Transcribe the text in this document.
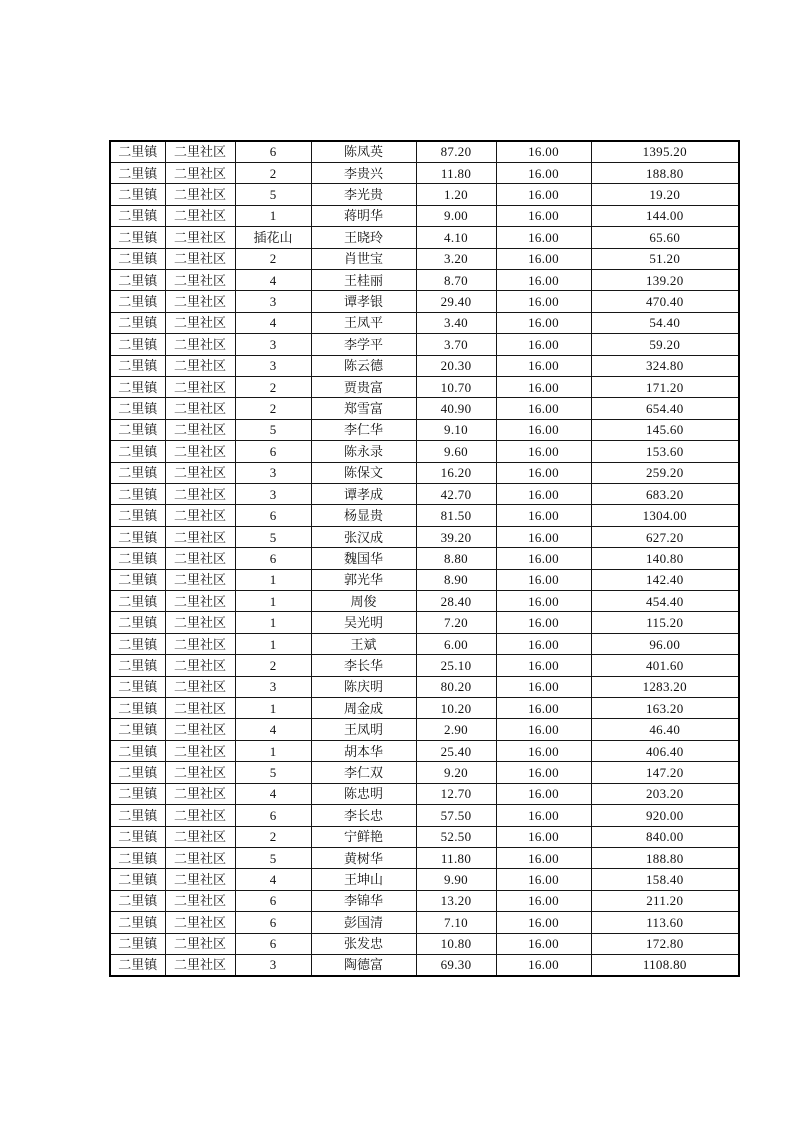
二里镇	二里社区	6	陈凤英	87.20	16.00	1395.20
二里镇	二里社区	2	李贵兴	11.80	16.00	188.80
二里镇	二里社区	5	李光贵	1.20	16.00	19.20
二里镇	二里社区	1	蒋明华	9.00	16.00	144.00
二里镇	二里社区	插花山	王晓玲	4.10	16.00	65.60
二里镇	二里社区	2	肖世宝	3.20	16.00	51.20
二里镇	二里社区	4	王桂丽	8.70	16.00	139.20
二里镇	二里社区	3	谭孝银	29.40	16.00	470.40
二里镇	二里社区	4	王凤平	3.40	16.00	54.40
二里镇	二里社区	3	李学平	3.70	16.00	59.20
二里镇	二里社区	3	陈云德	20.30	16.00	324.80
二里镇	二里社区	2	贾贵富	10.70	16.00	171.20
二里镇	二里社区	2	郑雪富	40.90	16.00	654.40
二里镇	二里社区	5	李仁华	9.10	16.00	145.60
二里镇	二里社区	6	陈永录	9.60	16.00	153.60
二里镇	二里社区	3	陈保文	16.20	16.00	259.20
二里镇	二里社区	3	谭孝成	42.70	16.00	683.20
二里镇	二里社区	6	杨显贵	81.50	16.00	1304.00
二里镇	二里社区	5	张汉成	39.20	16.00	627.20
二里镇	二里社区	6	魏国华	8.80	16.00	140.80
二里镇	二里社区	1	郭光华	8.90	16.00	142.40
二里镇	二里社区	1	周俊	28.40	16.00	454.40
二里镇	二里社区	1	吴光明	7.20	16.00	115.20
二里镇	二里社区	1	王斌	6.00	16.00	96.00
二里镇	二里社区	2	李长华	25.10	16.00	401.60
二里镇	二里社区	3	陈庆明	80.20	16.00	1283.20
二里镇	二里社区	1	周金成	10.20	16.00	163.20
二里镇	二里社区	4	王凤明	2.90	16.00	46.40
二里镇	二里社区	1	胡本华	25.40	16.00	406.40
二里镇	二里社区	5	李仁双	9.20	16.00	147.20
二里镇	二里社区	4	陈忠明	12.70	16.00	203.20
二里镇	二里社区	6	李长忠	57.50	16.00	920.00
二里镇	二里社区	2	宁鲜艳	52.50	16.00	840.00
二里镇	二里社区	5	黄树华	11.80	16.00	188.80
二里镇	二里社区	4	王坤山	9.90	16.00	158.40
二里镇	二里社区	6	李锦华	13.20	16.00	211.20
二里镇	二里社区	6	彭国清	7.10	16.00	113.60
二里镇	二里社区	6	张发忠	10.80	16.00	172.80
二里镇	二里社区	3	陶德富	69.30	16.00	1108.80
